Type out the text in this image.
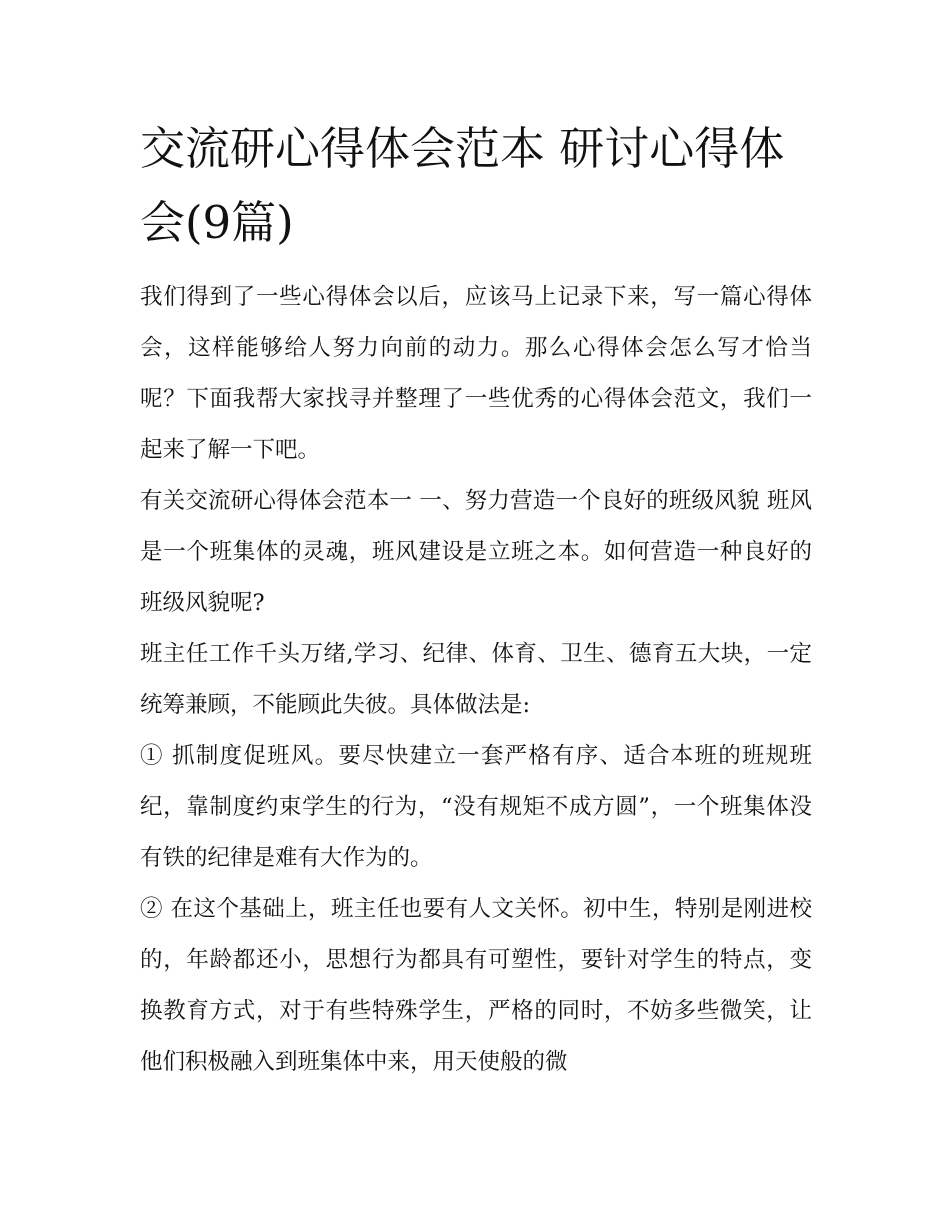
交流研心得体会范本 研讨心得体会(9篇)

我们得到了一些心得体会以后，应该马上记录下来，写一篇心得体会，这样能够给人努力向前的动力。那么心得体会怎么写才恰当呢？下面我帮大家找寻并整理了一些优秀的心得体会范文，我们一起来了解一下吧。

有关交流研心得体会范本一 一、努力营造一个良好的班级风貌 班风是一个班集体的灵魂，班风建设是立班之本。如何营造一种良好的班级风貌呢?

班主任工作千头万绪,学习、纪律、体育、卫生、德育五大块，一定统筹兼顾，不能顾此失彼。具体做法是:

① 抓制度促班风。要尽快建立一套严格有序、适合本班的班规班纪，靠制度约束学生的行为，“没有规矩不成方圆”，一个班集体没有铁的纪律是难有大作为的。

② 在这个基础上，班主任也要有人文关怀。初中生，特别是刚进校的，年龄都还小，思想行为都具有可塑性，要针对学生的特点，变换教育方式，对于有些特殊学生，严格的同时，不妨多些微笑，让他们积极融入到班集体中来，用天使般的微
